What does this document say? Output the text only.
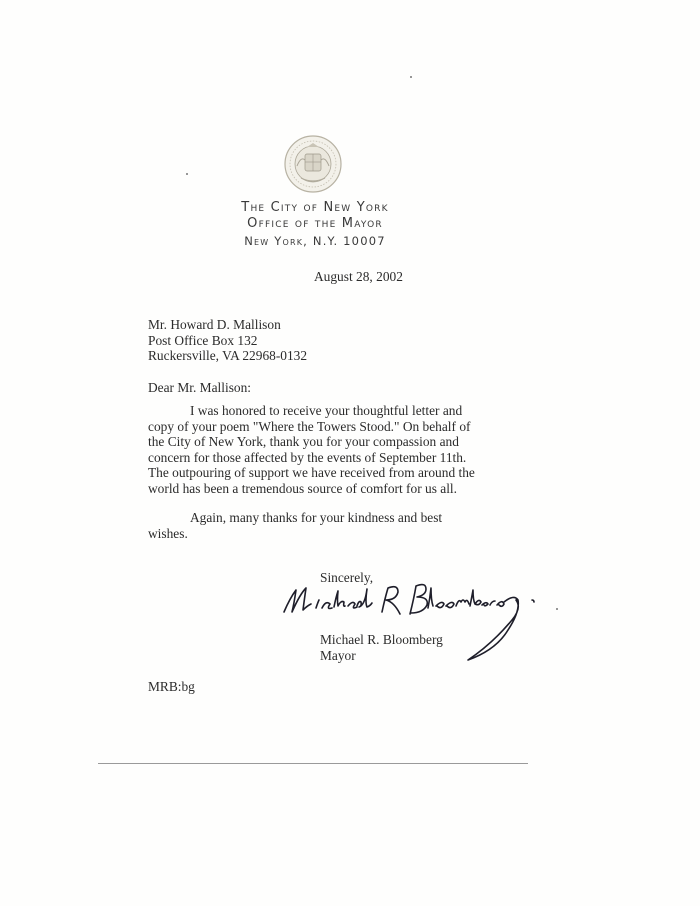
The City of New York
Office of the Mayor
New York, N.Y. 10007
August 28, 2002
Mr. Howard D. Mallison
Post Office Box 132
Ruckersville, VA 22968-0132
Dear Mr. Mallison:
I was honored to receive your thoughtful letter and
copy of your poem "Where the Towers Stood." On behalf of
the City of New York, thank you for your compassion and
concern for those affected by the events of September 11th.
The outpouring of support we have received from around the
world has been a tremendous source of comfort for us all.
Again, many thanks for your kindness and best
wishes.
Sincerely,
Michael R. Bloomberg
Mayor
MRB:bg
